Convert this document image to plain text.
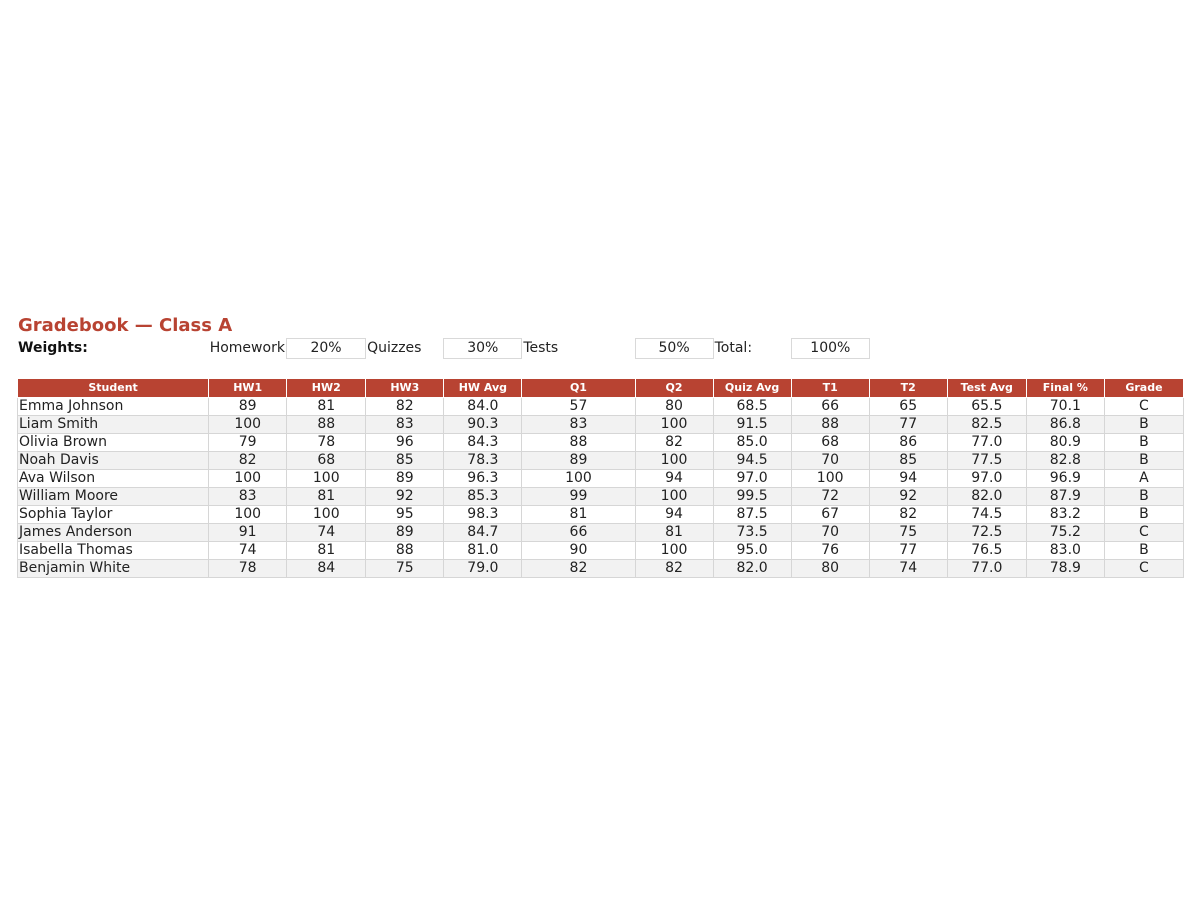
Gradebook — Class A
Weights:	Homework	20%	Quizzes	30%	Tests	50%	Total:	100%				

Student	HW1	HW2	HW3	HW Avg	Q1	Q2	Quiz Avg	T1	T2	Test Avg	Final %	Grade
Emma Johnson	89	81	82	84.0	57	80	68.5	66	65	65.5	70.1	C
Liam Smith	100	88	83	90.3	83	100	91.5	88	77	82.5	86.8	B
Olivia Brown	79	78	96	84.3	88	82	85.0	68	86	77.0	80.9	B
Noah Davis	82	68	85	78.3	89	100	94.5	70	85	77.5	82.8	B
Ava Wilson	100	100	89	96.3	100	94	97.0	100	94	97.0	96.9	A
William Moore	83	81	92	85.3	99	100	99.5	72	92	82.0	87.9	B
Sophia Taylor	100	100	95	98.3	81	94	87.5	67	82	74.5	83.2	B
James Anderson	91	74	89	84.7	66	81	73.5	70	75	72.5	75.2	C
Isabella Thomas	74	81	88	81.0	90	100	95.0	76	77	76.5	83.0	B
Benjamin White	78	84	75	79.0	82	82	82.0	80	74	77.0	78.9	C
